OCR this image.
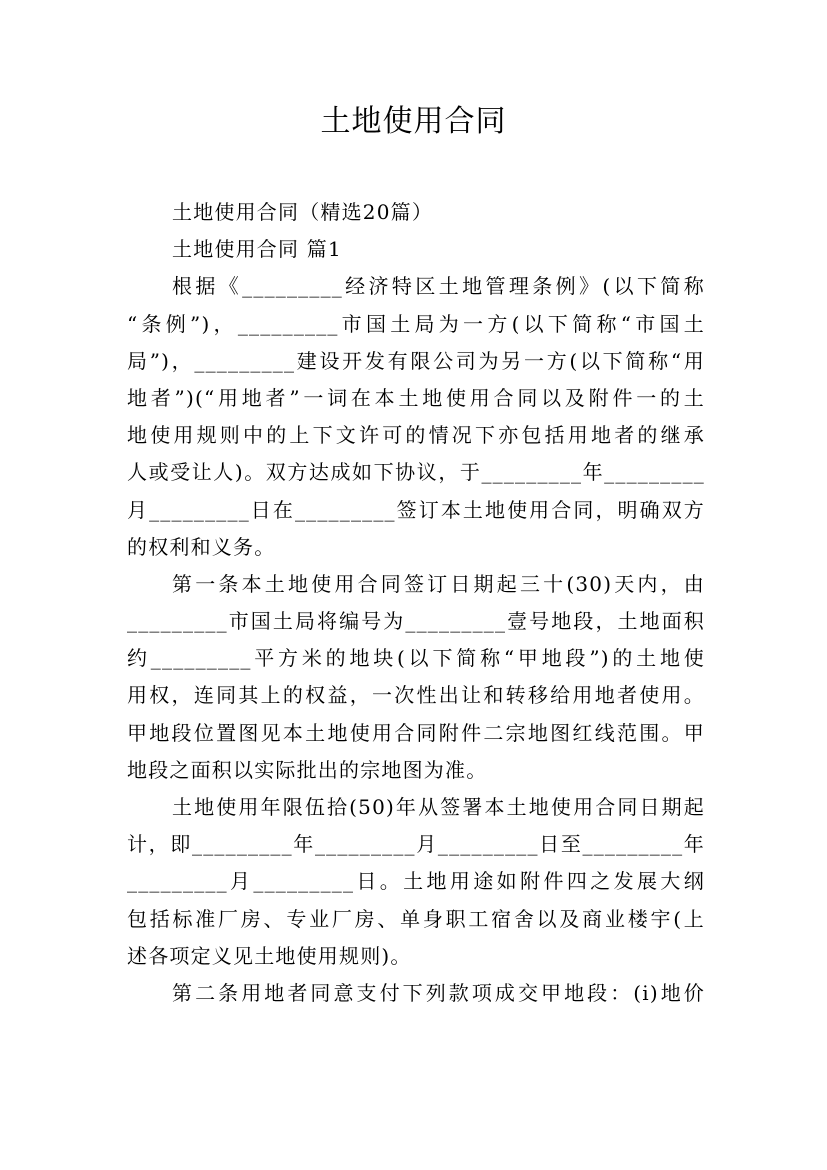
土地使用合同
土地使用合同（精选20篇）
土地使用合同 篇1
根据《_________经济特区土地管理条例》(以下简称
“条例”)，_________市国土局为一方(以下简称“市国土
局”)，_________建设开发有限公司为另一方(以下简称“用
地者”)(“用地者”一词在本土地使用合同以及附件一的土
地使用规则中的上下文许可的情况下亦包括用地者的继承
人或受让人)。双方达成如下协议，于_________年_________
月_________日在_________签订本土地使用合同，明确双方
的权利和义务。
第一条本土地使用合同签订日期起三十(30)天内，由
_________市国土局将编号为_________壹号地段，土地面积
约_________平方米的地块(以下简称“甲地段”)的土地使
用权，连同其上的权益，一次性出让和转移给用地者使用。
甲地段位置图见本土地使用合同附件二宗地图红线范围。甲
地段之面积以实际批出的宗地图为准。
土地使用年限伍拾(50)年从签署本土地使用合同日期起
计，即_________年_________月_________日至_________年
_________月_________日。土地用途如附件四之发展大纲
包括标准厂房、专业厂房、单身职工宿舍以及商业楼宇(上
述各项定义见土地使用规则)。
第二条用地者同意支付下列款项成交甲地段：(i)地价
